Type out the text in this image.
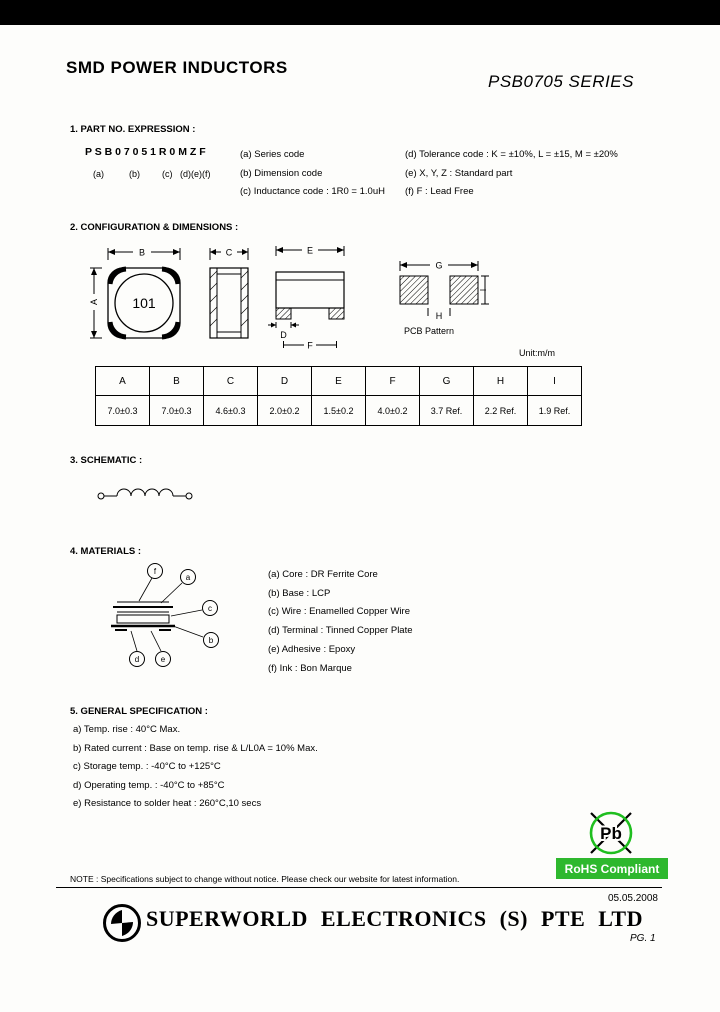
SMD POWER INDUCTORS
PSB0705 SERIES
1. PART NO. EXPRESSION :
P S B 0 7 0 5 1 R 0 M Z F
(a)	(b) (c) (d)(e)(f)
(a) Series code
(b) Dimension code
(c) Inductance code : 1R0 = 1.0uH
(d) Tolerance code : K = ±10%, L = ±15, M = ±20%
(e) X, Y, Z : Standard part
(f) F : Lead Free
2. CONFIGURATION & DIMENSIONS :
B
A 101
C	E
D
F
G
H
I
PCB Pattern
Unit:m/m
A	B	C	D	E	F	G	H	I
7.0±0.3	7.0±0.3	4.6±0.3	2.0±0.2	1.5±0.2	4.0±0.2	3.7 Ref.	2.2 Ref.	1.9 Ref.
3. SCHEMATIC :
4. MATERIALS :
f
a
c
b
d	e
(a) Core : DR Ferrite Core
(b) Base : LCP
(c) Wire : Enamelled Copper Wire
(d) Terminal : Tinned Copper Plate
(e) Adhesive : Epoxy
(f) Ink : Bon Marque
5. GENERAL SPECIFICATION :
a) Temp. rise : 40°C Max.
b) Rated current : Base on temp. rise & L/L0A = 10% Max.
c) Storage temp. : -40°C to +125°C
d) Operating temp. : -40°C to +85°C
e) Resistance to solder heat : 260°C,10 secs
Pb
RoHS Compliant
NOTE : Specifications subject to change without notice. Please check our website for latest information.
05.05.2008
SUPERWORLD ELECTRONICS (S) PTE LTD
PG. 1
